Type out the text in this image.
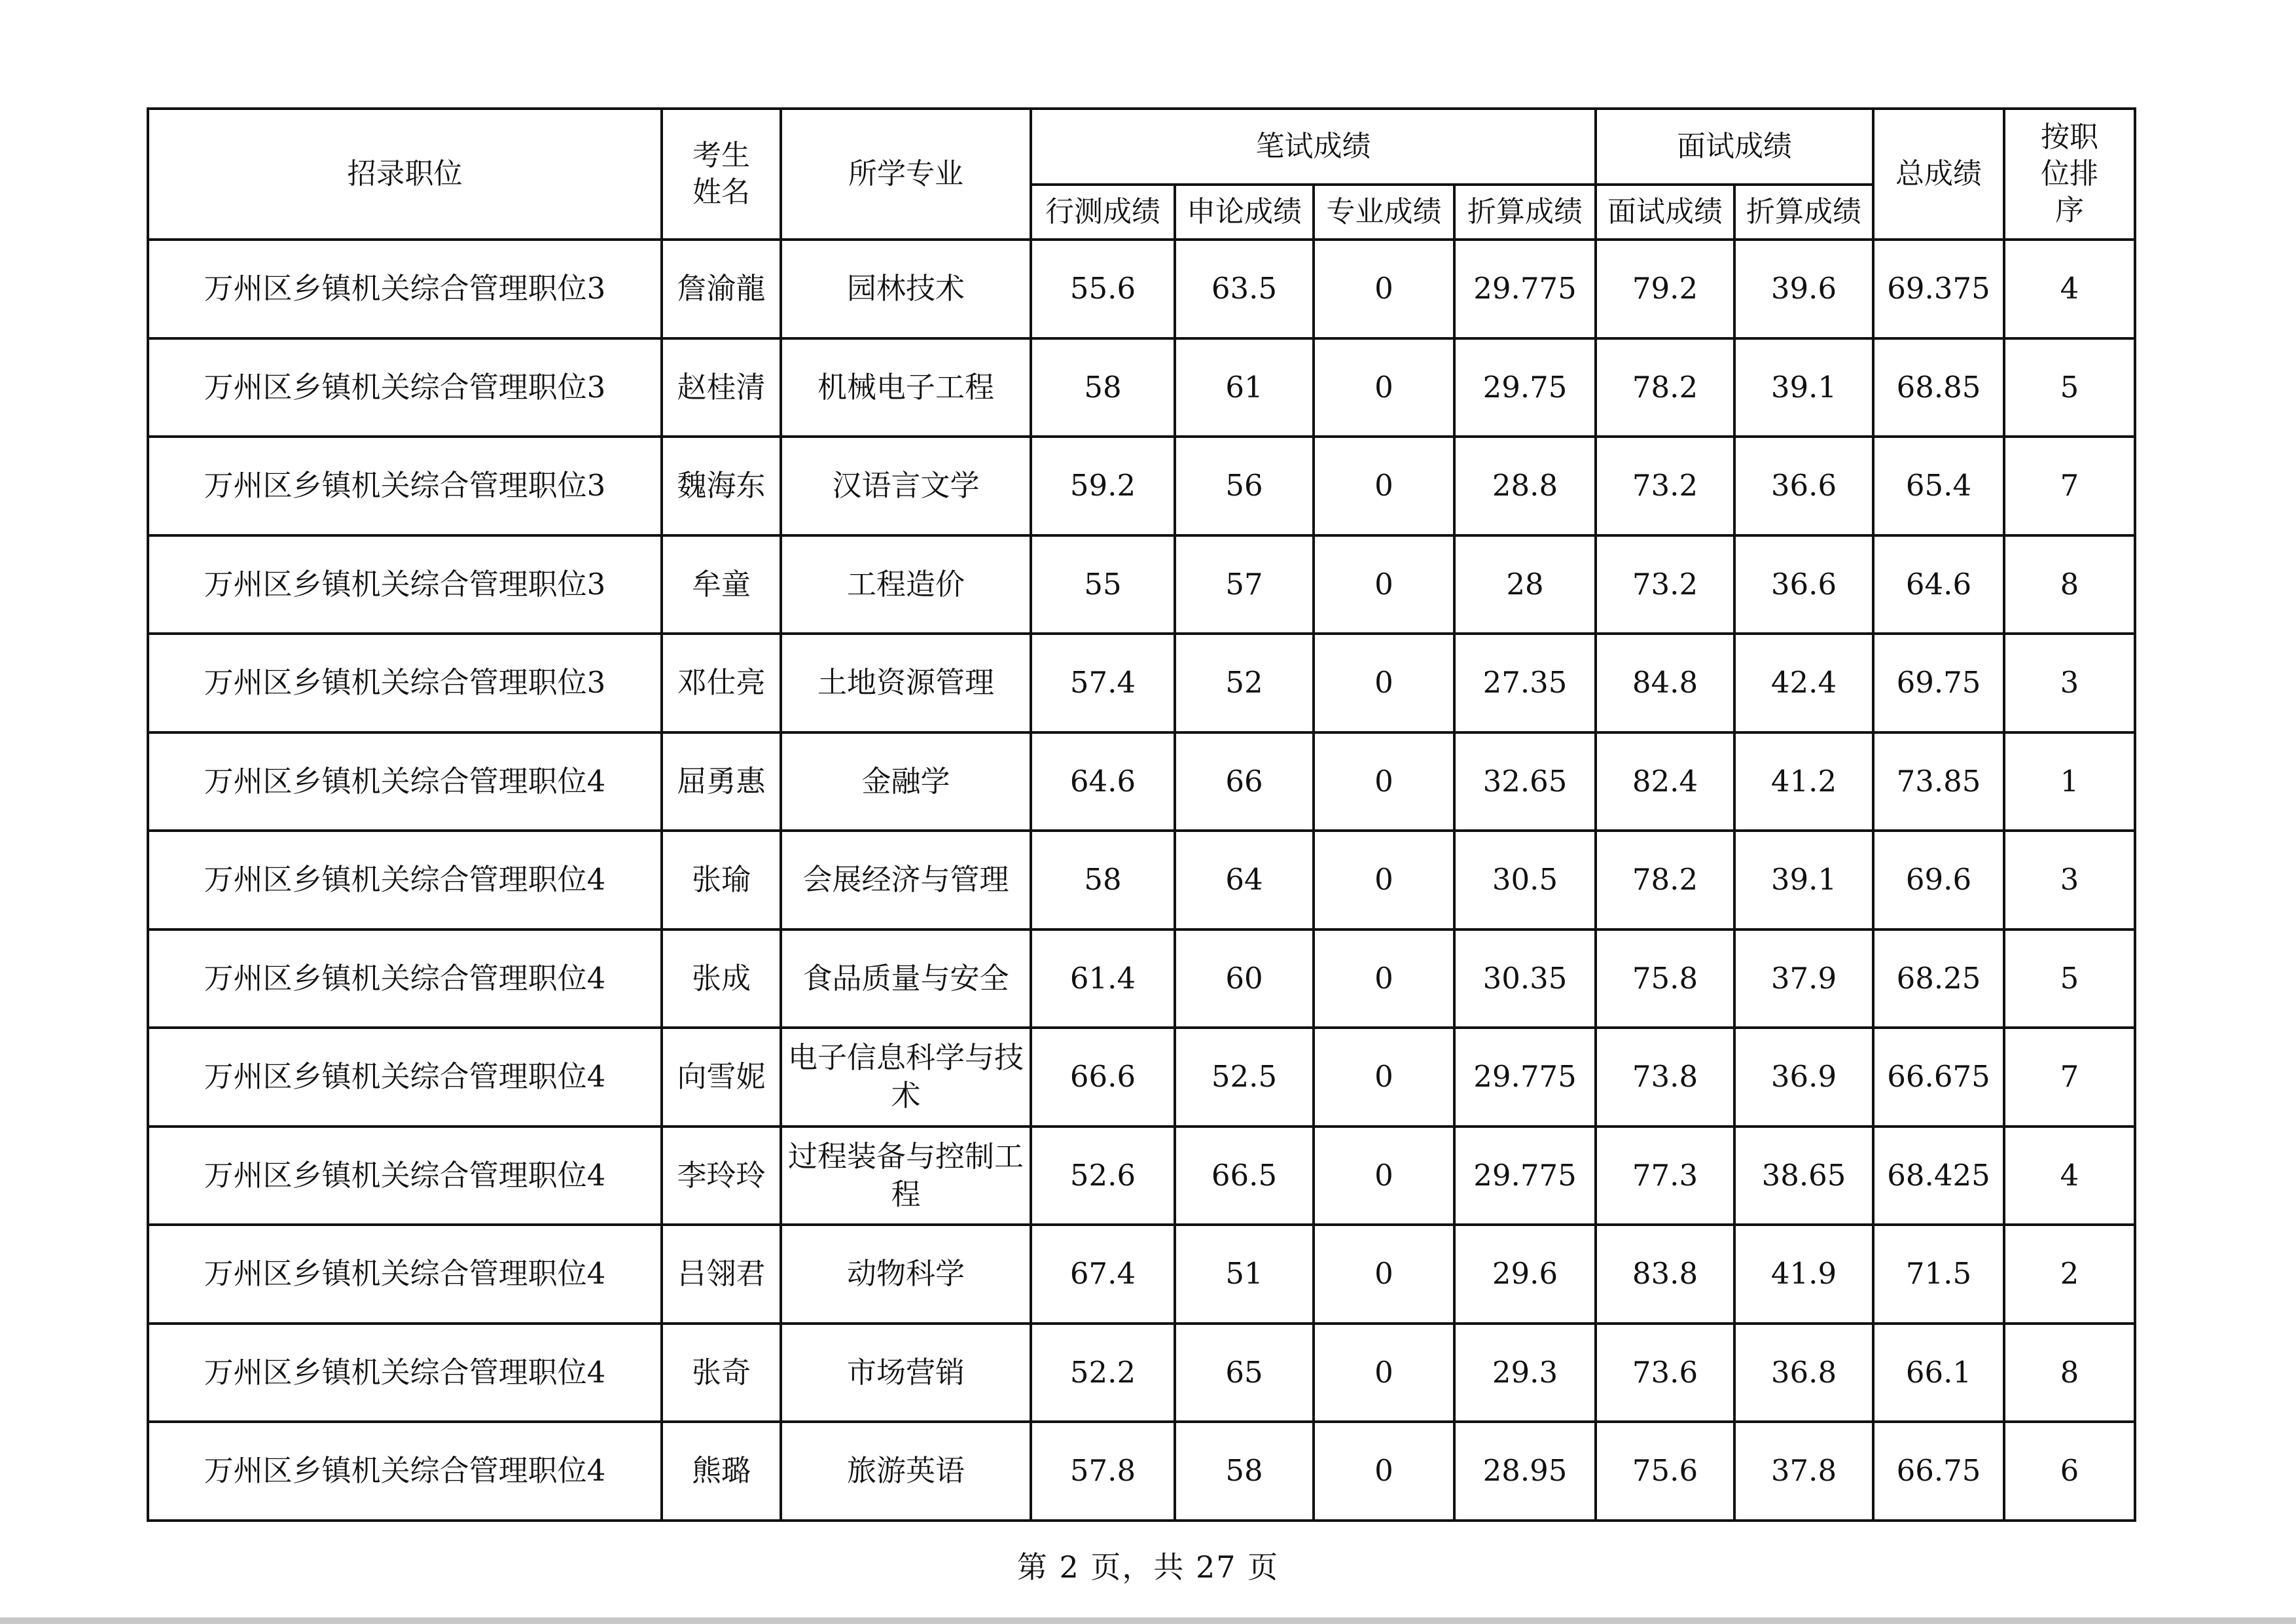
招录职位	考生姓名	所学专业	笔试成绩				面试成绩		总成绩	按职位排序
			行测成绩	申论成绩	专业成绩	折算成绩	面试成绩	折算成绩		
万州区乡镇机关综合管理职位3	詹渝龍	园林技术	55.6	63.5	0	29.775	79.2	39.6	69.375	4
万州区乡镇机关综合管理职位3	赵桂清	机械电子工程	58	61	0	29.75	78.2	39.1	68.85	5
万州区乡镇机关综合管理职位3	魏海东	汉语言文学	59.2	56	0	28.8	73.2	36.6	65.4	7
万州区乡镇机关综合管理职位3	牟童	工程造价	55	57	0	28	73.2	36.6	64.6	8
万州区乡镇机关综合管理职位3	邓仕亮	土地资源管理	57.4	52	0	27.35	84.8	42.4	69.75	3
万州区乡镇机关综合管理职位4	屈勇惠	金融学	64.6	66	0	32.65	82.4	41.2	73.85	1
万州区乡镇机关综合管理职位4	张瑜	会展经济与管理	58	64	0	30.5	78.2	39.1	69.6	3
万州区乡镇机关综合管理职位4	张成	食品质量与安全	61.4	60	0	30.35	75.8	37.9	68.25	5
万州区乡镇机关综合管理职位4	向雪妮	电子信息科学与技术	66.6	52.5	0	29.775	73.8	36.9	66.675	7
万州区乡镇机关综合管理职位4	李玲玲	过程装备与控制工程	52.6	66.5	0	29.775	77.3	38.65	68.425	4
万州区乡镇机关综合管理职位4	吕翎君	动物科学	67.4	51	0	29.6	83.8	41.9	71.5	2
万州区乡镇机关综合管理职位4	张奇	市场营销	52.2	65	0	29.3	73.6	36.8	66.1	8
万州区乡镇机关综合管理职位4	熊璐	旅游英语	57.8	58	0	28.95	75.6	37.8	66.75	6
第 2 页，共 27 页
